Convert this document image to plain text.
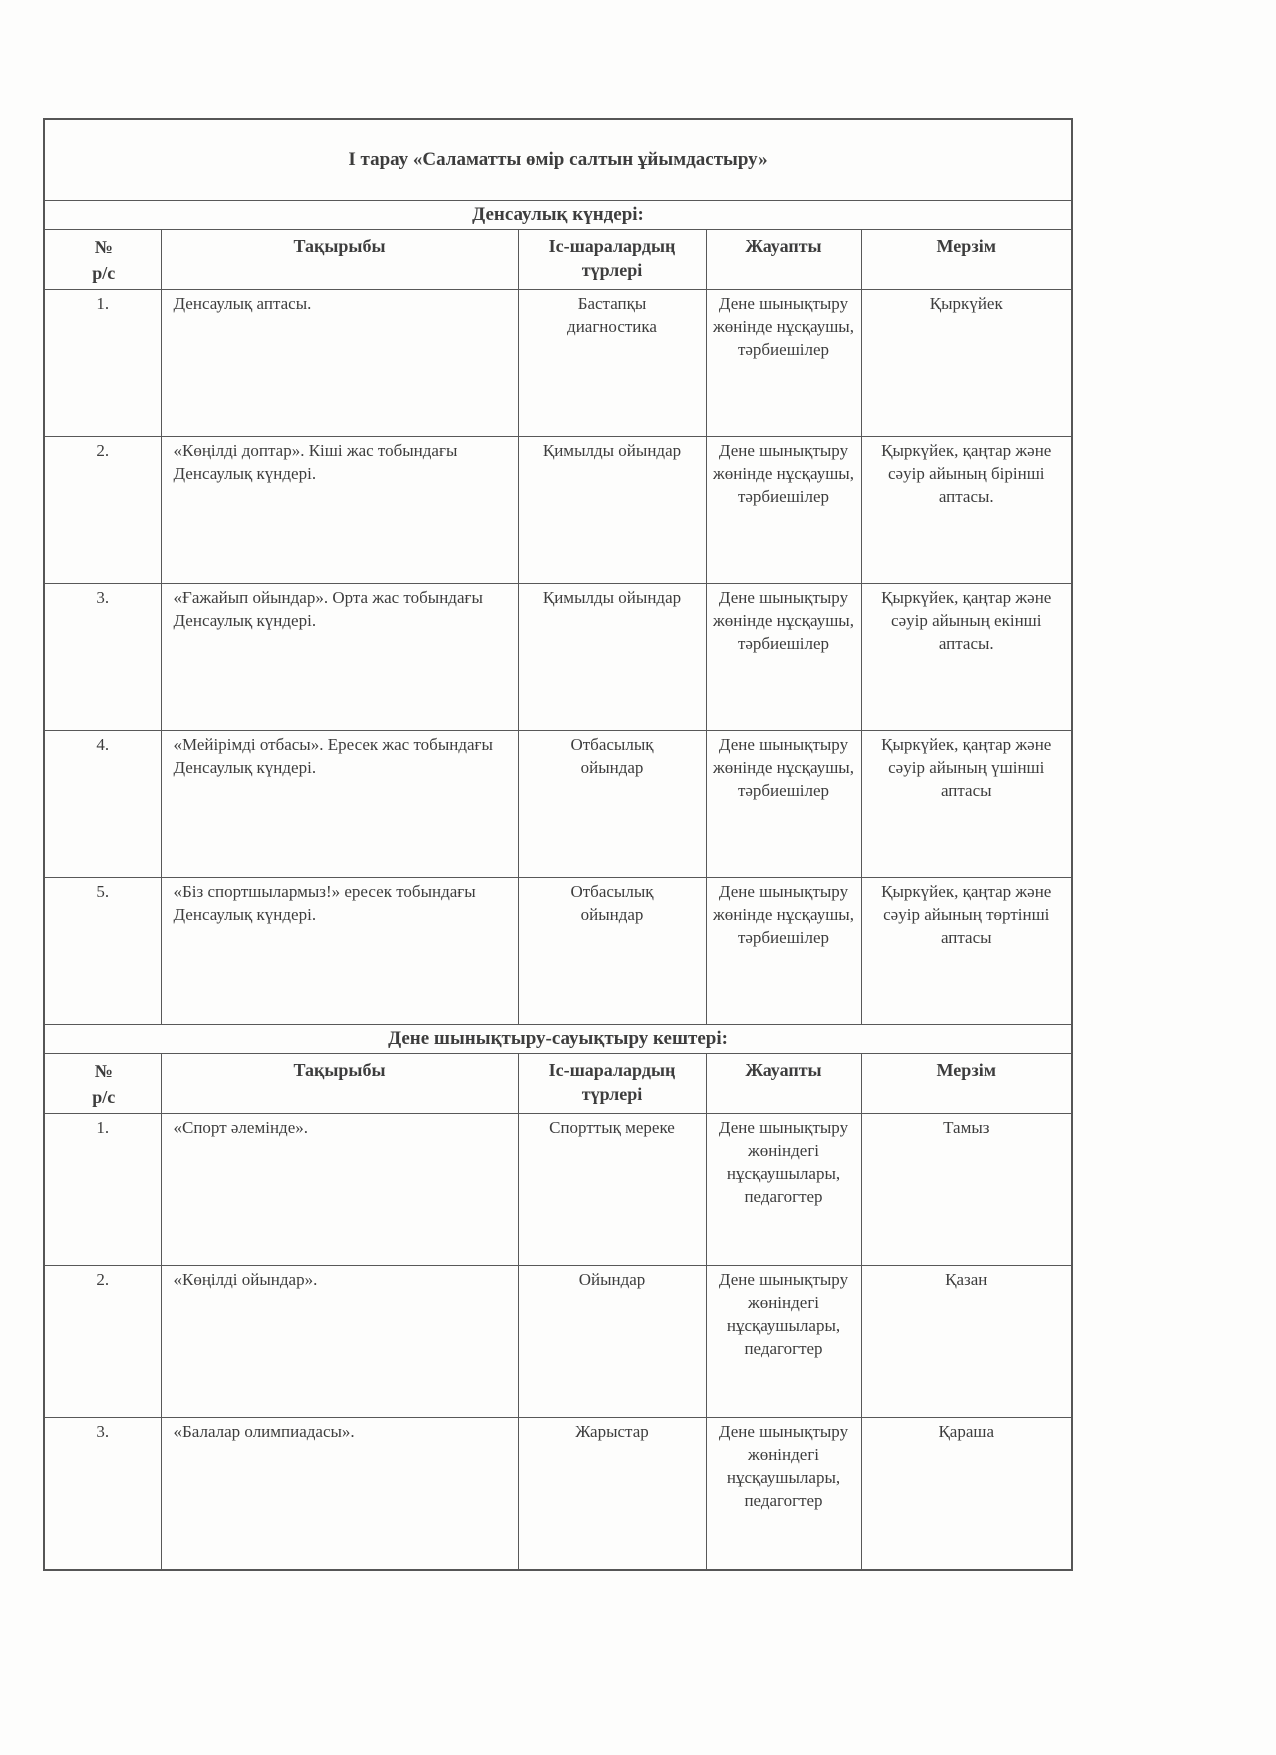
І тарау «Саламатты өмір салтын ұйымдастыру»				
Денсаулық күндері:				
№
р/с	Тақырыбы	Іс-шаралардың түрлері	Жауапты	Мерзім
1.	Денсаулық аптасы.	Бастапқы диагностика	Дене шынықтыру жөнінде нұсқаушы, тәрбиешілер	Қыркүйек
2.	«Көңілді доптар». Кіші жас тобындағы Денсаулық күндері.	Қимылды ойындар	Дене шынықтыру жөнінде нұсқаушы, тәрбиешілер	Қыркүйек, қаңтар және сәуір айының бірінші аптасы.
3.	«Ғажайып ойындар». Орта жас тобындағы Денсаулық күндері.	Қимылды ойындар	Дене шынықтыру жөнінде нұсқаушы, тәрбиешілер	Қыркүйек, қаңтар және сәуір айының екінші аптасы.
4.	«Мейірімді отбасы». Ересек жас тобындағы Денсаулық күндері.	Отбасылық ойындар	Дене шынықтыру жөнінде нұсқаушы, тәрбиешілер	Қыркүйек, қаңтар және сәуір айының үшінші аптасы
5.	«Біз спортшылармыз!» ересек тобындағы Денсаулық күндері.	Отбасылық ойындар	Дене шынықтыру жөнінде нұсқаушы, тәрбиешілер	Қыркүйек, қаңтар және сәуір айының төртінші аптасы
Дене шынықтыру-сауықтыру кештері:				
№
р/с	Тақырыбы	Іс-шаралардың түрлері	Жауапты	Мерзім
1.	«Спорт әлемінде».	Спорттық мереке	Дене шынықтыру жөніндегі нұсқаушылары, педагогтер	Тамыз
2.	«Көңілді ойындар».	Ойындар	Дене шынықтыру жөніндегі нұсқаушылары, педагогтер	Қазан
3.	«Балалар олимпиадасы».	Жарыстар	Дене шынықтыру жөніндегі нұсқаушылары, педагогтер	Қараша
